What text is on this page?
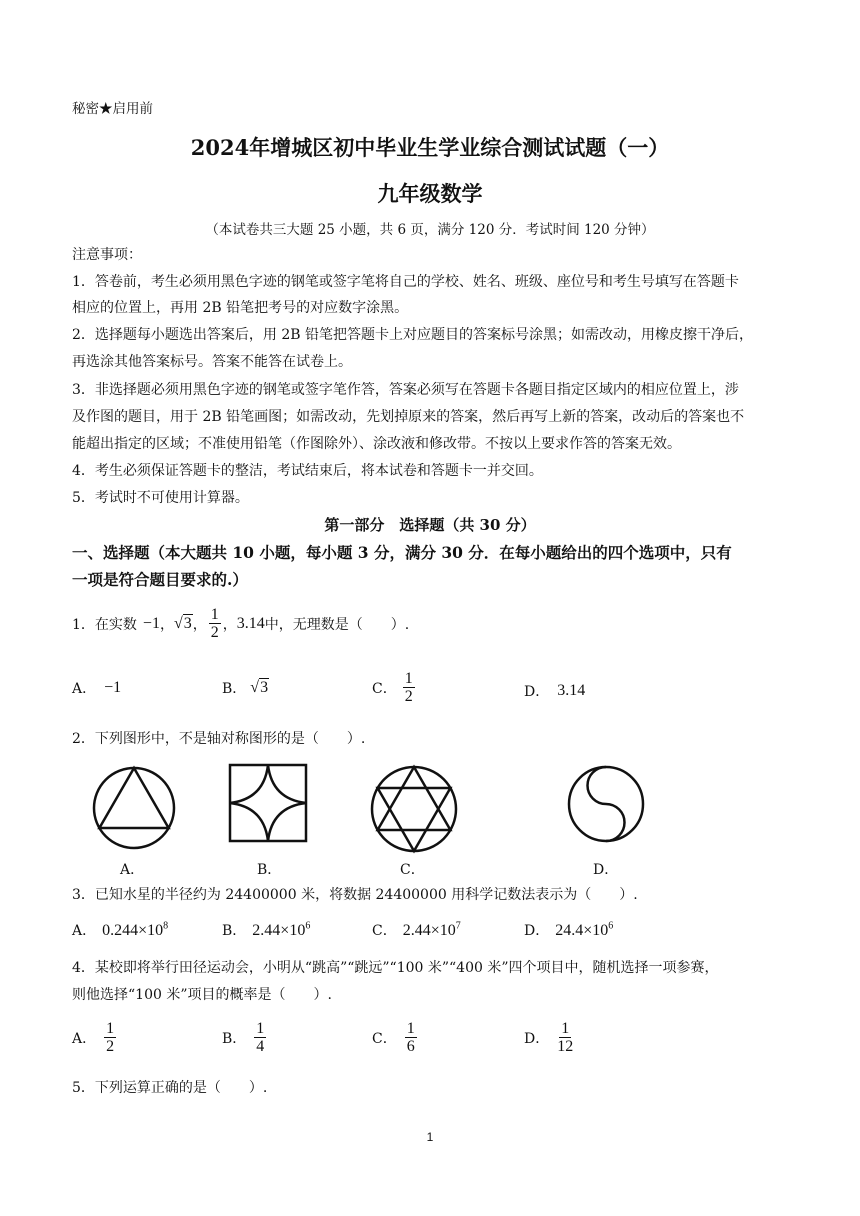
秘密★启用前
2024年增城区初中毕业生学业综合测试试题（一）
九年级数学
（本试卷共三大题 25 小题，共 6 页，满分 120 分．考试时间 120 分钟）
注意事项：
1．答卷前，考生必须用黑色字迹的钢笔或签字笔将自己的学校、姓名、班级、座位号和考生号填写在答题卡
相应的位置上，再用 2B 铅笔把考号的对应数字涂黑。
2．选择题每小题选出答案后，用 2B 铅笔把答题卡上对应题目的答案标号涂黑；如需改动，用橡皮擦干净后，
再选涂其他答案标号。答案不能答在试卷上。
3．非选择题必须用黑色字迹的钢笔或签字笔作答，答案必须写在答题卡各题目指定区域内的相应位置上，涉
及作图的题目，用于 2B 铅笔画图；如需改动，先划掉原来的答案，然后再写上新的答案，改动后的答案也不
能超出指定的区域；不准使用铅笔（作图除外）、涂改液和修改带。不按以上要求作答的答案无效。
4．考生必须保证答题卡的整洁，考试结束后，将本试卷和答题卡一并交回。
5．考试时不可使用计算器。
第一部分　选择题（共 30 分）
一、选择题（本大题共 10 小题，每小题 3 分，满分 30 分．在每小题给出的四个选项中，只有
一项是符合题目要求的.）
1．在实数 −1 ， √3 ， $\frac{1}{2}$ ， 3.14 中，无理数是（　　）.
A． −1	B． √3	C． $\frac{1}{2}$	D． 3.14
2．下列图形中，不是轴对称图形的是（　　）.
A．	B．	C．	D．
3．已知水星的半径约为 24400000 米，将数据 24400000 用科学记数法表示为（　　）.
A． $0.244\times 10^8$	B． $2.44\times 10^6$	C． $2.44\times 10^7$	D． $24.4\times 10^6$
4．某校即将举行田径运动会，小明从“跳高”“跳远”“100 米”“400 米”四个项目中，随机选择一项参赛，
则他选择“100 米”项目的概率是（　　）.
A． $\frac{1}{2}$	B． $\frac{1}{4}$	C． $\frac{1}{6}$	D． $\frac{1}{12}$
5．下列运算正确的是（　　）.
1
